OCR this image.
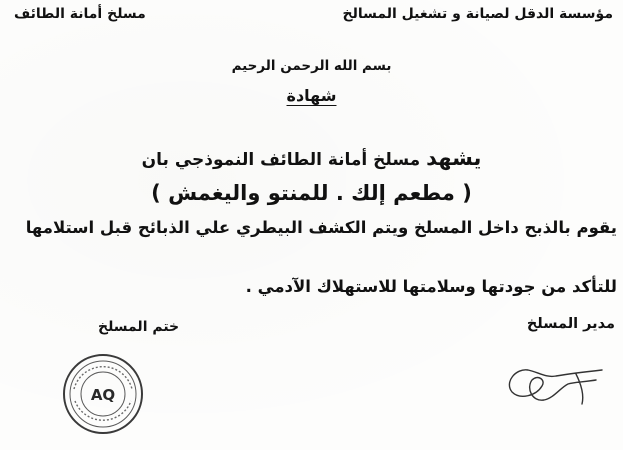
مؤسسة الدقل لصيانة و تشغيل المسالخ
مسلخ أمانة الطائف
بسم الله الرحمن الرحيم
شهادة
يشهد مسلخ أمانة الطائف النموذجي بان
( مطعم إلك . للمنتو واليغمش )
يقوم بالذبح داخل المسلخ ويتم الكشف البيطري علي الذبائح قبل استلامها
للتأكد من جودتها وسلامتها للاستهلاك الآدمي .
مدير المسلخ
ختم المسلخ
AQ
